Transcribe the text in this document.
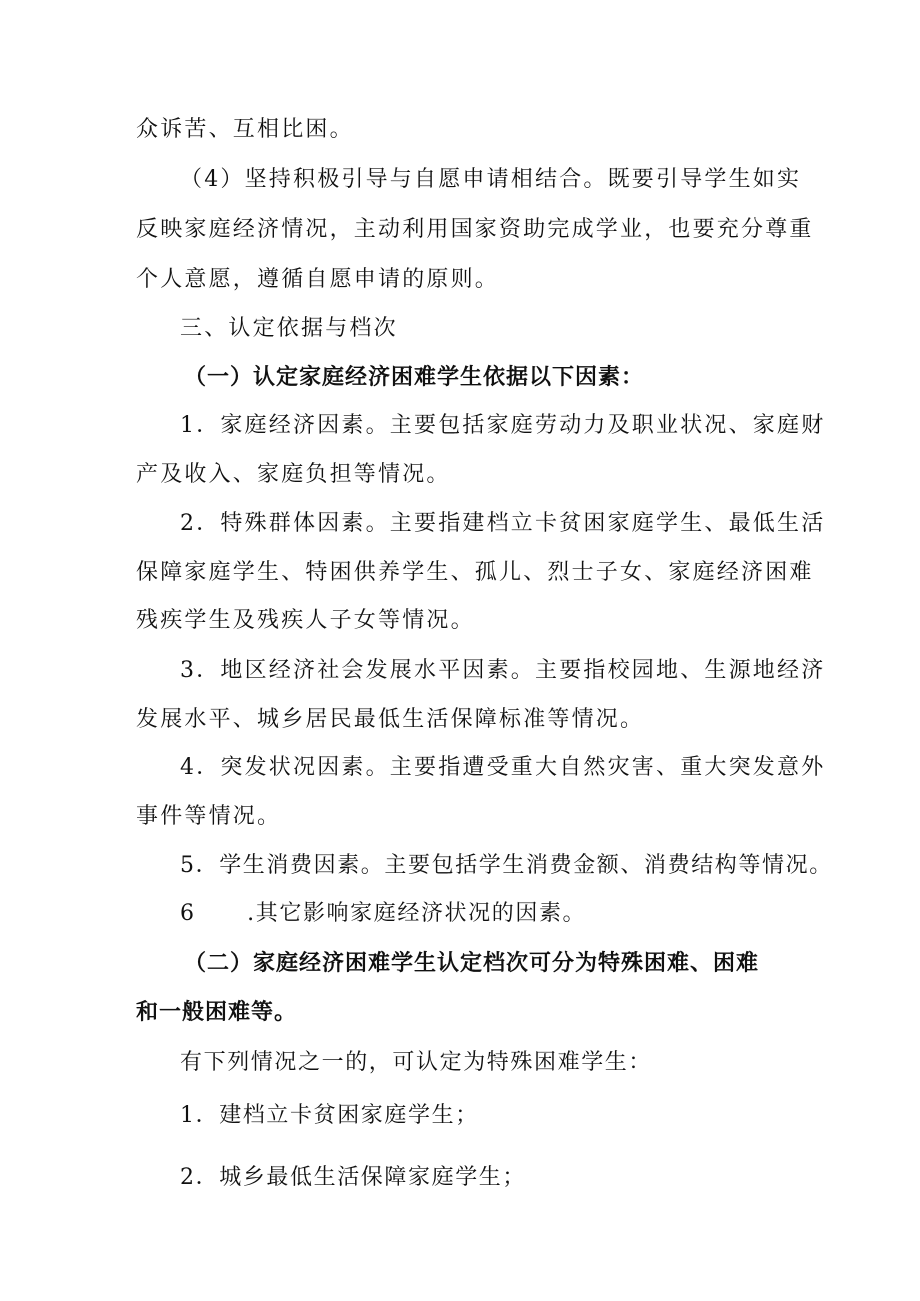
众诉苦、互相比困。
（4）坚持积极引导与自愿申请相结合。既要引导学生如实
反映家庭经济情况，主动利用国家资助完成学业，也要充分尊重
个人意愿，遵循自愿申请的原则。
三、认定依据与档次
（一）认定家庭经济困难学生依据以下因素：
1．家庭经济因素。主要包括家庭劳动力及职业状况、家庭财
产及收入、家庭负担等情况。
2．特殊群体因素。主要指建档立卡贫困家庭学生、最低生活
保障家庭学生、特困供养学生、孤儿、烈士子女、家庭经济困难
残疾学生及残疾人子女等情况。
3．地区经济社会发展水平因素。主要指校园地、生源地经济
发展水平、城乡居民最低生活保障标准等情况。
4．突发状况因素。主要指遭受重大自然灾害、重大突发意外
事件等情况。
5．学生消费因素。主要包括学生消费金额、消费结构等情况。
6      .其它影响家庭经济状况的因素。
（二）家庭经济困难学生认定档次可分为特殊困难、困难
和一般困难等。
有下列情况之一的，可认定为特殊困难学生：
1．建档立卡贫困家庭学生；
2．城乡最低生活保障家庭学生；
